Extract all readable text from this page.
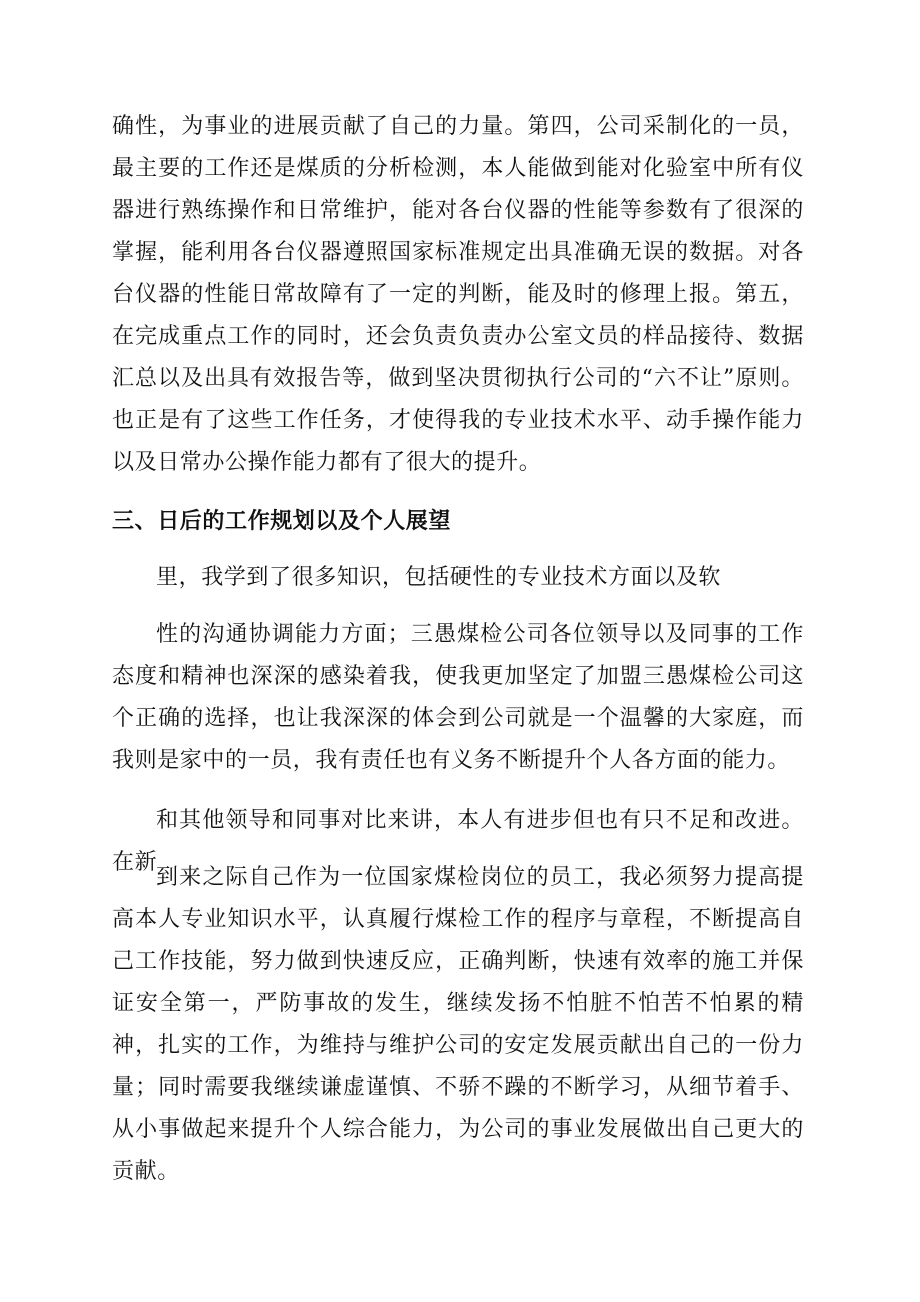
确性，为事业的进展贡献了自己的力量。第四，公司采制化的一员，最主要的工作还是煤质的分析检测，本人能做到能对化验室中所有仪器进行熟练操作和日常维护，能对各台仪器的性能等参数有了很深的掌握，能利用各台仪器遵照国家标准规定出具准确无误的数据。对各台仪器的性能日常故障有了一定的判断，能及时的修理上报。第五，在完成重点工作的同时，还会负责负责办公室文员的样品接待、数据汇总以及出具有效报告等，做到坚决贯彻执行公司的“六不让”原则。也正是有了这些工作任务，才使得我的专业技术水平、动手操作能力以及日常办公操作能力都有了很大的提升。

三、日后的工作规划以及个人展望

里，我学到了很多知识，包括硬性的专业技术方面以及软

性的沟通协调能力方面；三愚煤检公司各位领导以及同事的工作态度和精神也深深的感染着我，使我更加坚定了加盟三愚煤检公司这个正确的选择，也让我深深的体会到公司就是一个温馨的大家庭，而我则是家中的一员，我有责任也有义务不断提升个人各方面的能力。

和其他领导和同事对比来讲，本人有进步但也有只不足和改进。在新

到来之际自己作为一位国家煤检岗位的员工，我必须努力提高提高本人专业知识水平，认真履行煤检工作的程序与章程，不断提高自己工作技能，努力做到快速反应，正确判断，快速有效率的施工并保证安全第一，严防事故的发生，继续发扬不怕脏不怕苦不怕累的精神，扎实的工作，为维持与维护公司的安定发展贡献出自己的一份力量；同时需要我继续谦虚谨慎、不骄不躁的不断学习，从细节着手、从小事做起来提升个人综合能力，为公司的事业发展做出自己更大的贡献。
